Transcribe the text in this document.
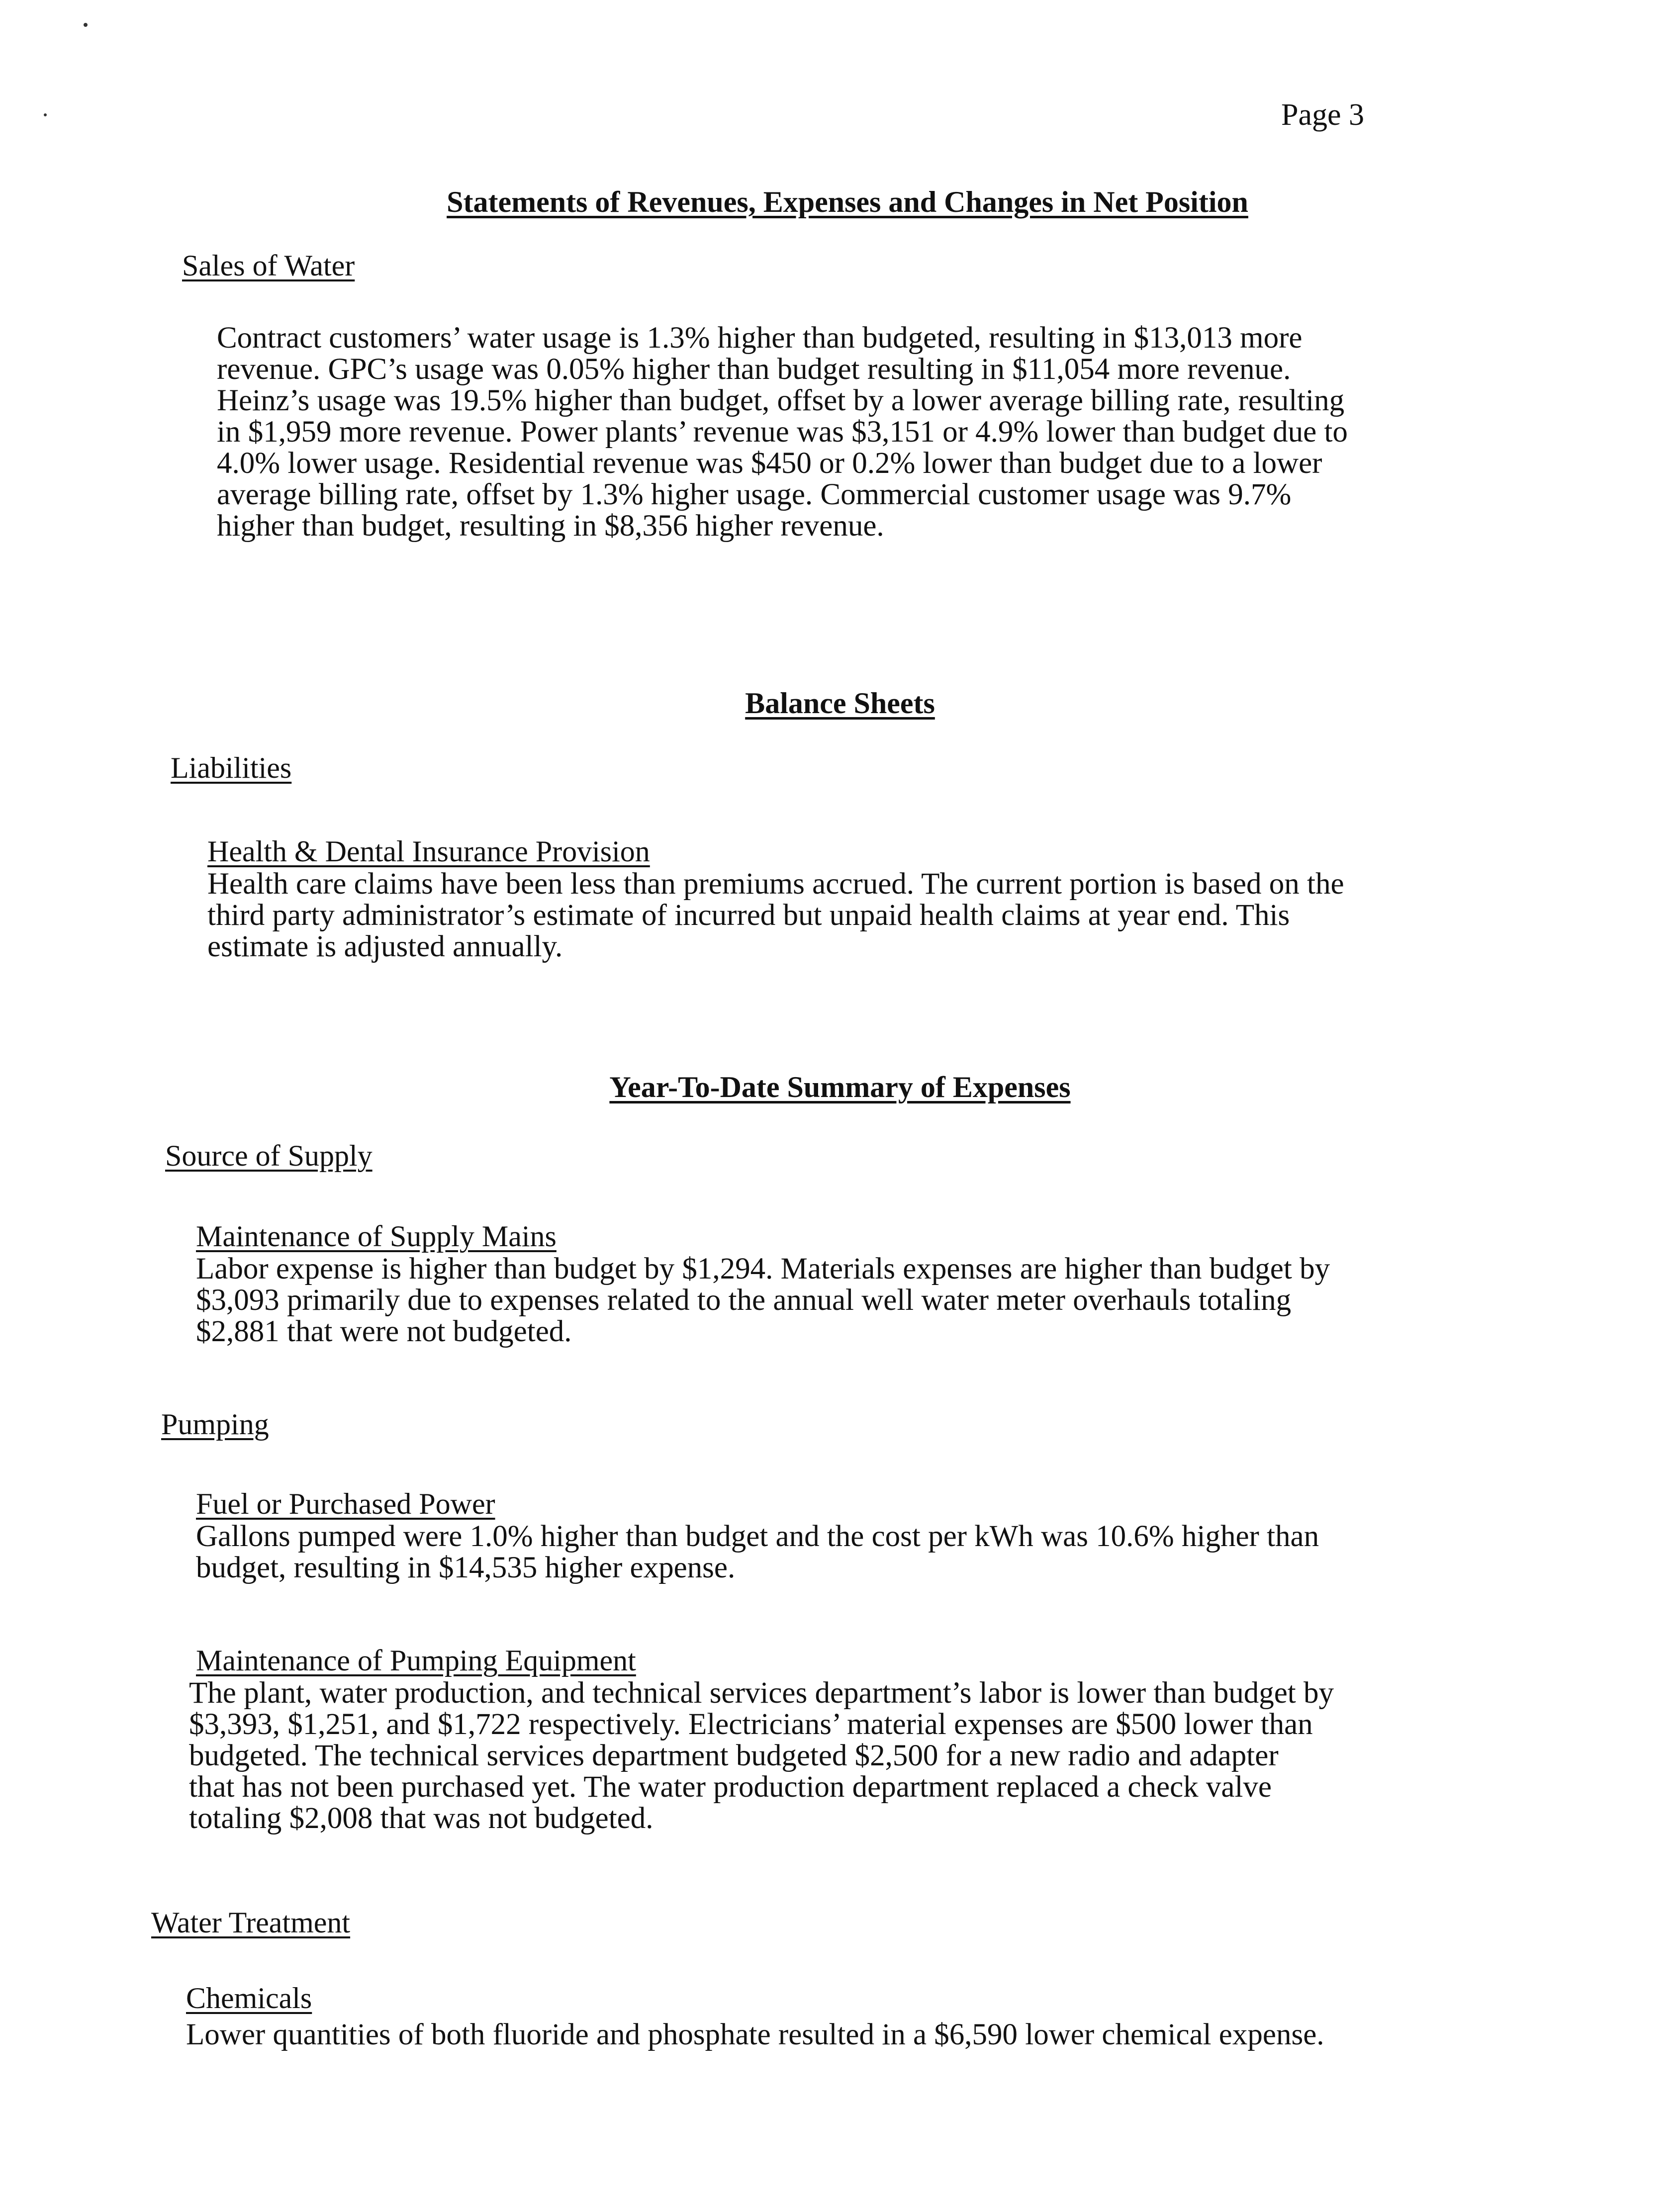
Page 3
Statements of Revenues, Expenses and Changes in Net Position
Sales of Water
Contract customers’ water usage is 1.3% higher than budgeted, resulting in $13,013 more
revenue. GPC’s usage was 0.05% higher than budget resulting in $11,054 more revenue.
Heinz’s usage was 19.5% higher than budget, offset by a lower average billing rate, resulting
in $1,959 more revenue. Power plants’ revenue was $3,151 or 4.9% lower than budget due to
4.0% lower usage. Residential revenue was $450 or 0.2% lower than budget due to a lower
average billing rate, offset by 1.3% higher usage. Commercial customer usage was 9.7%
higher than budget, resulting in $8,356 higher revenue.
Balance Sheets
Liabilities
Health & Dental Insurance Provision
Health care claims have been less than premiums accrued. The current portion is based on the
third party administrator’s estimate of incurred but unpaid health claims at year end. This
estimate is adjusted annually.
Year-To-Date Summary of Expenses
Source of Supply
Maintenance of Supply Mains
Labor expense is higher than budget by $1,294. Materials expenses are higher than budget by
$3,093 primarily due to expenses related to the annual well water meter overhauls totaling
$2,881 that were not budgeted.
Pumping
Fuel or Purchased Power
Gallons pumped were 1.0% higher than budget and the cost per kWh was 10.6% higher than
budget, resulting in $14,535 higher expense.
Maintenance of Pumping Equipment
The plant, water production, and technical services department’s labor is lower than budget by
$3,393, $1,251, and $1,722 respectively. Electricians’ material expenses are $500 lower than
budgeted. The technical services department budgeted $2,500 for a new radio and adapter
that has not been purchased yet. The water production department replaced a check valve
totaling $2,008 that was not budgeted.
Water Treatment
Chemicals
Lower quantities of both fluoride and phosphate resulted in a $6,590 lower chemical expense.
